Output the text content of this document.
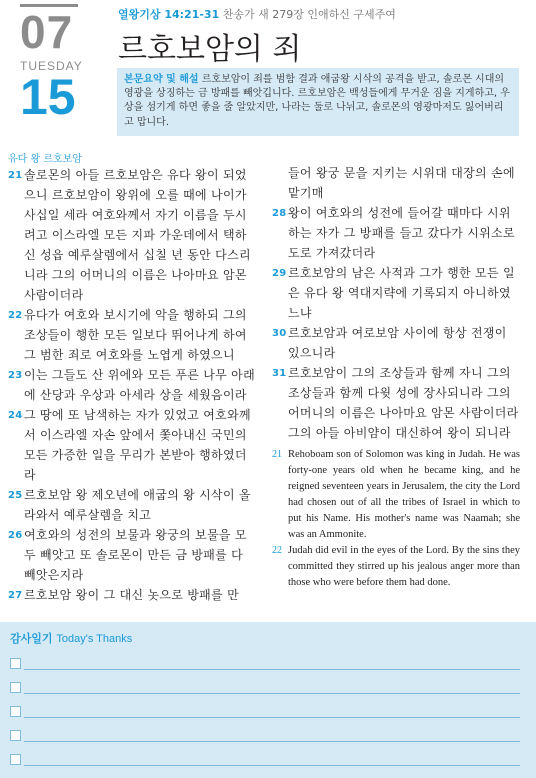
07
TUESDAY
15
열왕기상 14:21-31 찬송가 새 279장 인애하신 구세주여
르호보암의 죄
본문요약 및 해설 르호보암이 죄를 범함 결과 애굽왕 시삭의 공격을 받고, 솔로몬 시대의 영광을 상징하는 금 방패를 빼앗깁니다. 르호보암은 백성들에게 무거운 짐을 지게하고, 우상을 섬기게 하면 좋을 줄 알았지만, 나라는 둘로 나뉘고, 솔로몬의 영광마저도 잃어버리고 맙니다.
유다 왕 르호보암
21 솔로몬의 아들 르호보암은 유다 왕이 되었으니 르호보암이 왕위에 오를 때에 나이가 사십일 세라 여호와께서 자기 이름을 두시려고 이스라엘 모든 지파 가운데에서 택하신 성읍 예루살렘에서 십칠 년 동안 다스리니라 그의 어머니의 이름은 나아마요 암몬 사람이더라
22 유다가 여호와 보시기에 악을 행하되 그의 조상들이 행한 모든 일보다 뛰어나게 하여 그 범한 죄로 여호와를 노엽게 하였으니
23 이는 그들도 산 위에와 모든 푸른 나무 아래에 산당과 우상과 아세라 상을 세웠음이라
24 그 땅에 또 남색하는 자가 있었고 여호와께서 이스라엘 자손 앞에서 쫓아내신 국민의 모든 가증한 일을 무리가 본받아 행하였더라
25 르호보암 왕 제오년에 애굽의 왕 시삭이 올라와서 예루살렘을 치고
26 여호와의 성전의 보물과 왕궁의 보물을 모두 빼앗고 또 솔로몬이 만든 금 방패를 다 빼앗은지라
27 르호보암 왕이 그 대신 놋으로 방패를 만
들어 왕궁 문을 지키는 시위대 대장의 손에 맡기매
28 왕이 여호와의 성전에 들어갈 때마다 시위하는 자가 그 방패를 들고 갔다가 시위소로 도로 가져갔더라
29 르호보암의 남은 사적과 그가 행한 모든 일은 유다 왕 역대지략에 기록되지 아니하였느냐
30 르호보암과 여로보암 사이에 항상 전쟁이 있으니라
31 르호보암이 그의 조상들과 함께 자니 그의 조상들과 함께 다윗 성에 장사되니라 그의 어머니의 이름은 나아마요 암몬 사람이더라 그의 아들 아비얌이 대신하여 왕이 되니라
21 Rehoboam son of Solomon was king in Judah. He was forty-one years old when he became king, and he reigned seventeen years in Jerusalem, the city the Lord had chosen out of all the tribes of Israel in which to put his Name. His mother's name was Naamah; she was an Ammonite.
22 Judah did evil in the eyes of the Lord. By the sins they committed they stirred up his jealous anger more than those who were before them had done.
감사일기 Today's Thanks
